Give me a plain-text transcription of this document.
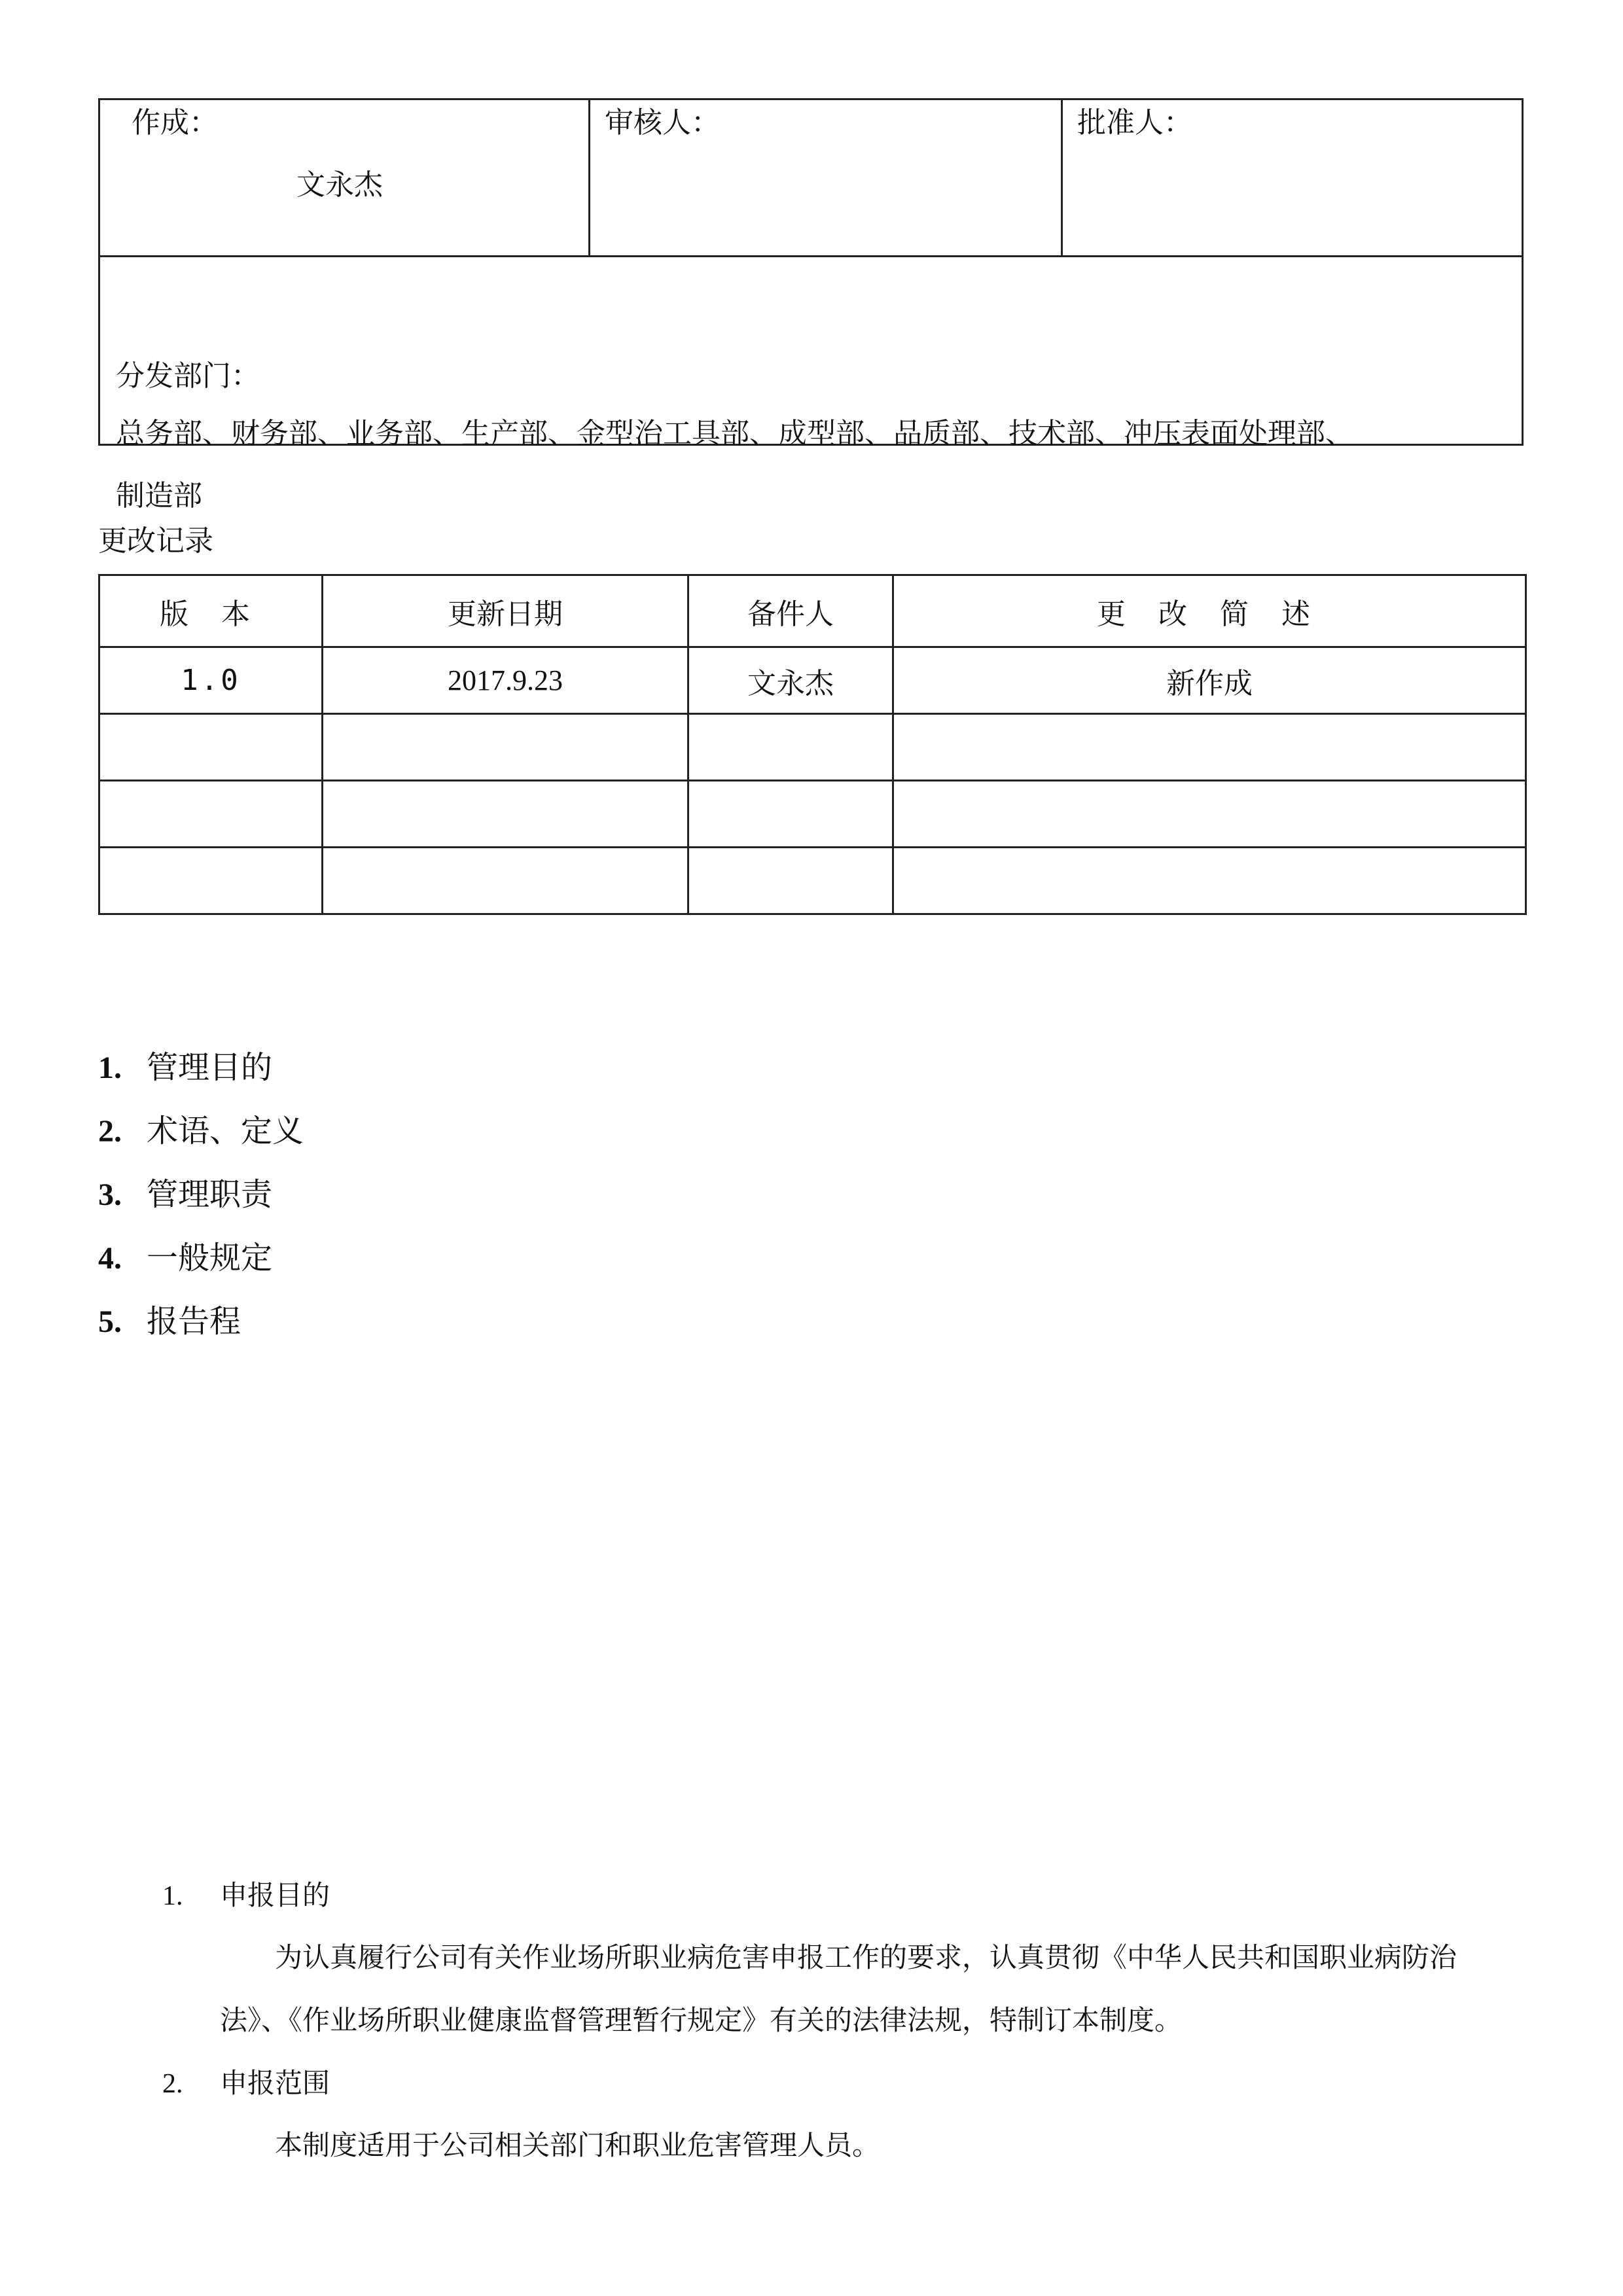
作成：
文永杰
审核人：	批准人：
分发部门：
总务部、财务部、业务部、生产部、金型治工具部、成型部、品质部、技术部、冲压表面处理部、
制造部
更改记录
版 本	更新日期	备件人	更 改 简 述
1.0	2017.9.23	文永杰	新作成

1. 管理目的
2. 术语、定义
3. 管理职责
4. 一般规定
5. 报告程
1. 申报目的
为认真履行公司有关作业场所职业病危害申报工作的要求，认真贯彻《中华人民共和国职业病防治
法》、《作业场所职业健康监督管理暂行规定》有关的法律法规，特制订本制度。
2. 申报范围
本制度适用于公司相关部门和职业危害管理人员。
